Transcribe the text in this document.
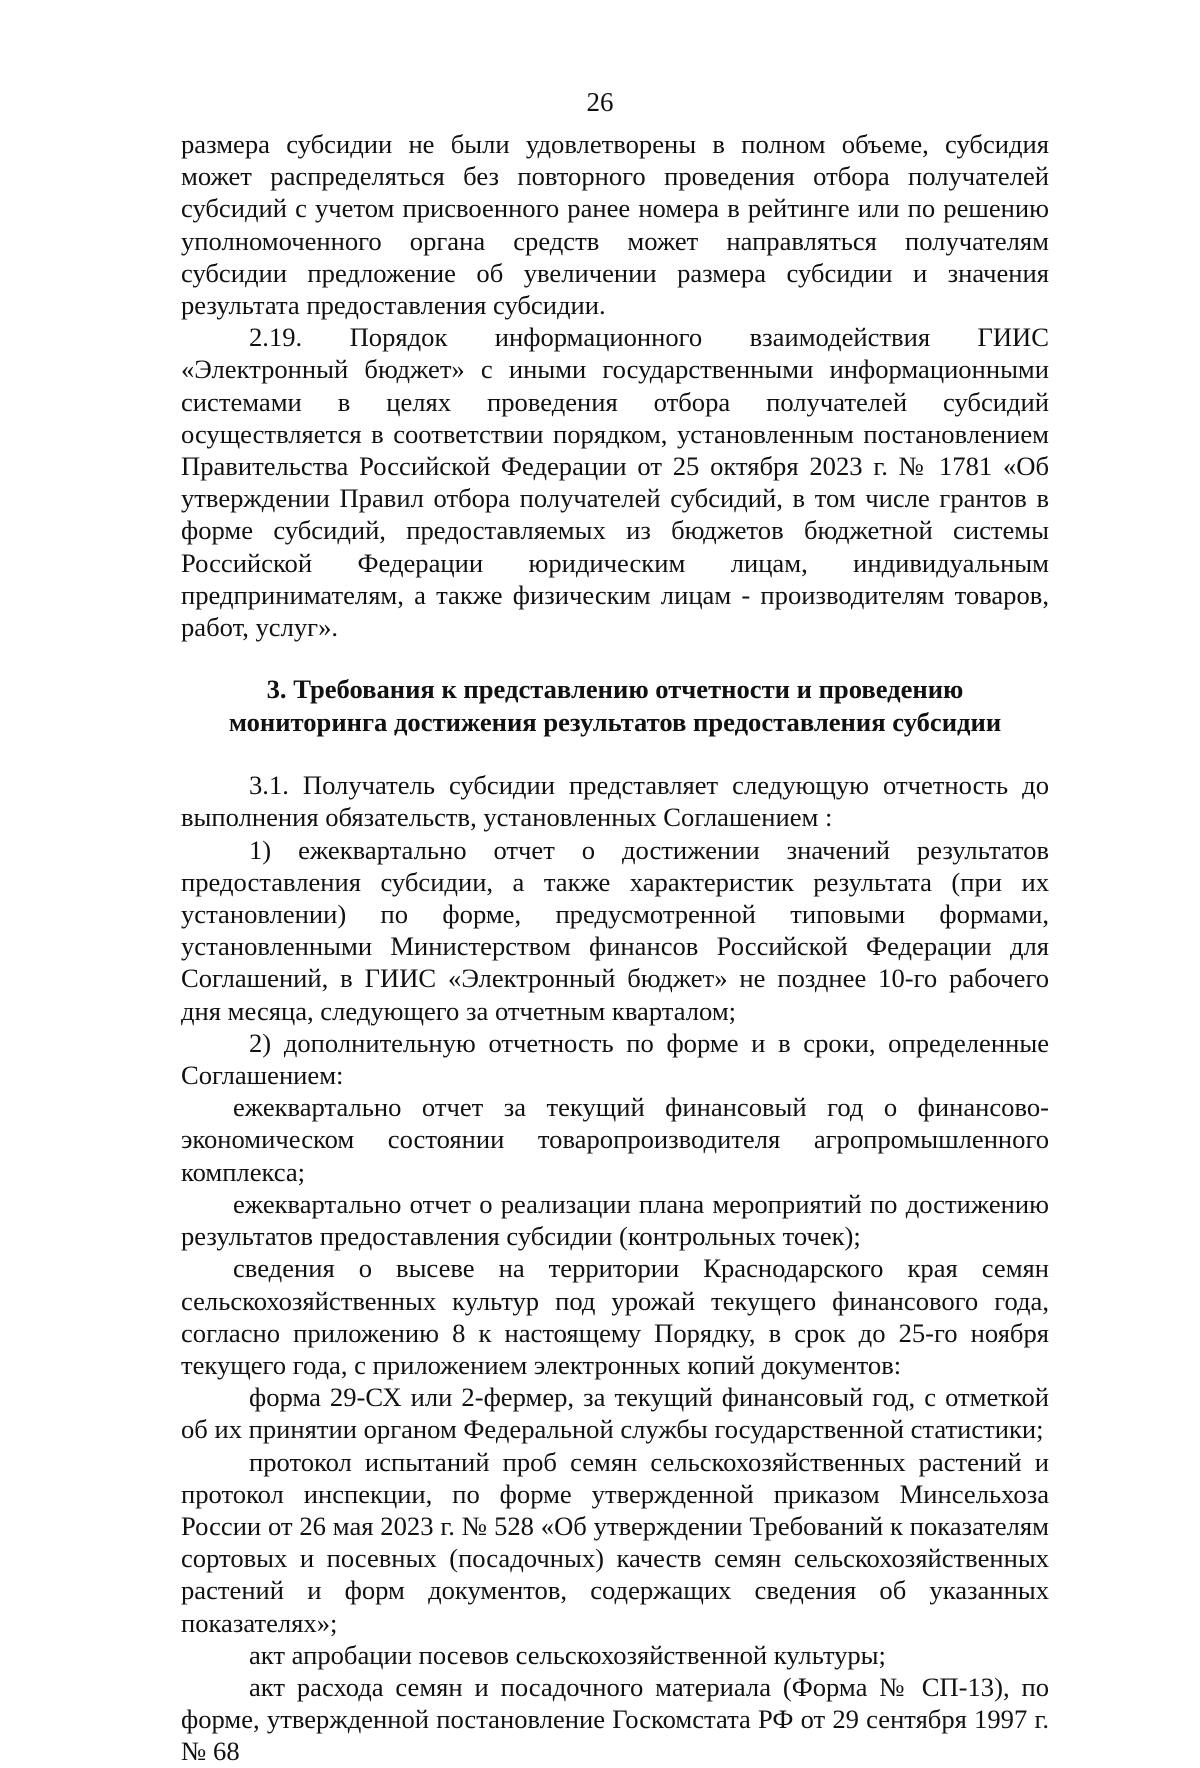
26

размера субсидии не были удовлетворены в полном объеме, субсидия может распределяться без повторного проведения отбора получателей субсидий с учетом присвоенного ранее номера в рейтинге или по решению уполномоченного органа средств может направляться получателям субсидии предложение об увеличении размера субсидии и значения результата предоставления субсидии.

2.19. Порядок информационного взаимодействия ГИИС «Электронный бюджет» с иными государственными информационными системами в целях проведения отбора получателей субсидий осуществляется в соответствии порядком, установленным постановлением Правительства Российской Федерации от 25 октября 2023 г. № 1781 «Об утверждении Правил отбора получателей субсидий, в том числе грантов в форме субсидий, предоставляемых из бюджетов бюджетной системы Российской Федерации юридическим лицам, индивидуальным предпринимателям, а также физическим лицам - производителям товаров, работ, услуг».

3. Требования к представлению отчетности и проведению
мониторинга достижения результатов предоставления субсидии

3.1. Получатель субсидии представляет следующую отчетность до выполнения обязательств, установленных Соглашением :

1) ежеквартально отчет о достижении значений результатов предоставления субсидии, а также характеристик результата (при их установлении) по форме, предусмотренной типовыми формами, установленными Министерством финансов Российской Федерации для Соглашений, в ГИИС «Электронный бюджет» не позднее 10-го рабочего дня месяца, следующего за отчетным кварталом;

2) дополнительную отчетность по форме и в сроки, определенные Соглашением:

ежеквартально отчет за текущий финансовый год о финансово-экономическом состоянии товаропроизводителя агропромышленного комплекса;

ежеквартально отчет о реализации плана мероприятий по достижению результатов предоставления субсидии (контрольных точек);

сведения о высеве на территории Краснодарского края семян сельскохозяйственных культур под урожай текущего финансового года, согласно приложению 8 к настоящему Порядку, в срок до 25-го ноября текущего года, с приложением электронных копий документов:

форма 29-СХ или 2-фермер, за текущий финансовый год, с отметкой об их принятии органом Федеральной службы государственной статистики;

протокол испытаний проб семян сельскохозяйственных растений и протокол инспекции, по форме утвержденной приказом Минсельхоза России от 26 мая 2023 г. № 528 «Об утверждении Требований к показателям сортовых и посевных (посадочных) качеств семян сельскохозяйственных растений и форм документов, содержащих сведения об указанных показателях»;

акт апробации посевов сельскохозяйственной культуры;

акт расхода семян и посадочного материала (Форма № СП-13), по форме, утвержденной постановление Госкомстата РФ от 29 сентября 1997 г. № 68
